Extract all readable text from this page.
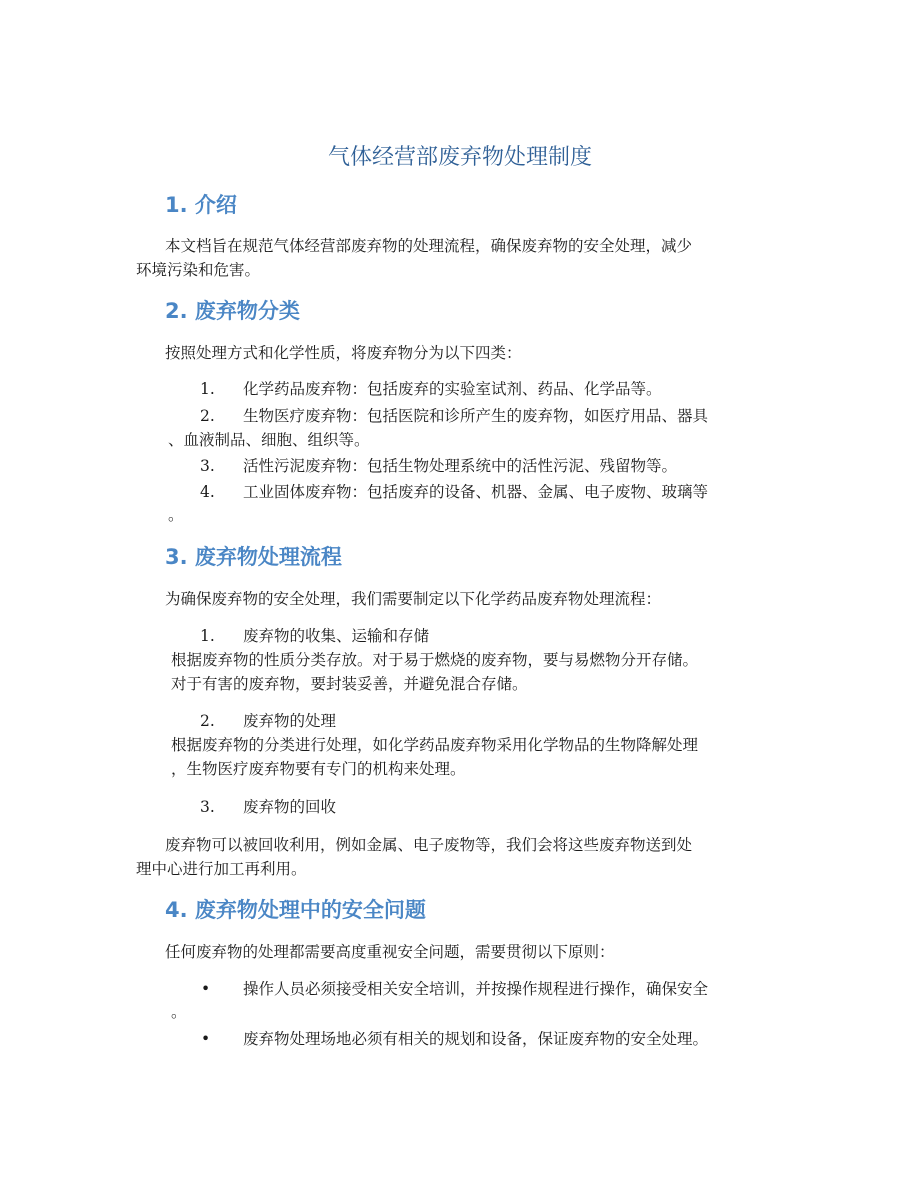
气体经营部废弃物处理制度
1. 介绍
本文档旨在规范气体经营部废弃物的处理流程，确保废弃物的安全处理，减少
环境污染和危害。
2. 废弃物分类
按照处理方式和化学性质，将废弃物分为以下四类：
1.	化学药品废弃物：包括废弃的实验室试剂、药品、化学品等。
2.	生物医疗废弃物：包括医院和诊所产生的废弃物，如医疗用品、器具
、血液制品、细胞、组织等。
3.	活性污泥废弃物：包括生物处理系统中的活性污泥、残留物等。
4.	工业固体废弃物：包括废弃的设备、机器、金属、电子废物、玻璃等
。
3. 废弃物处理流程
为确保废弃物的安全处理，我们需要制定以下化学药品废弃物处理流程：
1.	废弃物的收集、运输和存储
根据废弃物的性质分类存放。对于易于燃烧的废弃物，要与易燃物分开存储。
对于有害的废弃物，要封装妥善，并避免混合存储。
2.	废弃物的处理
根据废弃物的分类进行处理，如化学药品废弃物采用化学物品的生物降解处理
，生物医疗废弃物要有专门的机构来处理。
3.	废弃物的回收
废弃物可以被回收利用，例如金属、电子废物等，我们会将这些废弃物送到处
理中心进行加工再利用。
4. 废弃物处理中的安全问题
任何废弃物的处理都需要高度重视安全问题，需要贯彻以下原则：
• 操作人员必须接受相关安全培训，并按操作规程进行操作，确保安全
。
• 废弃物处理场地必须有相关的规划和设备，保证废弃物的安全处理。
